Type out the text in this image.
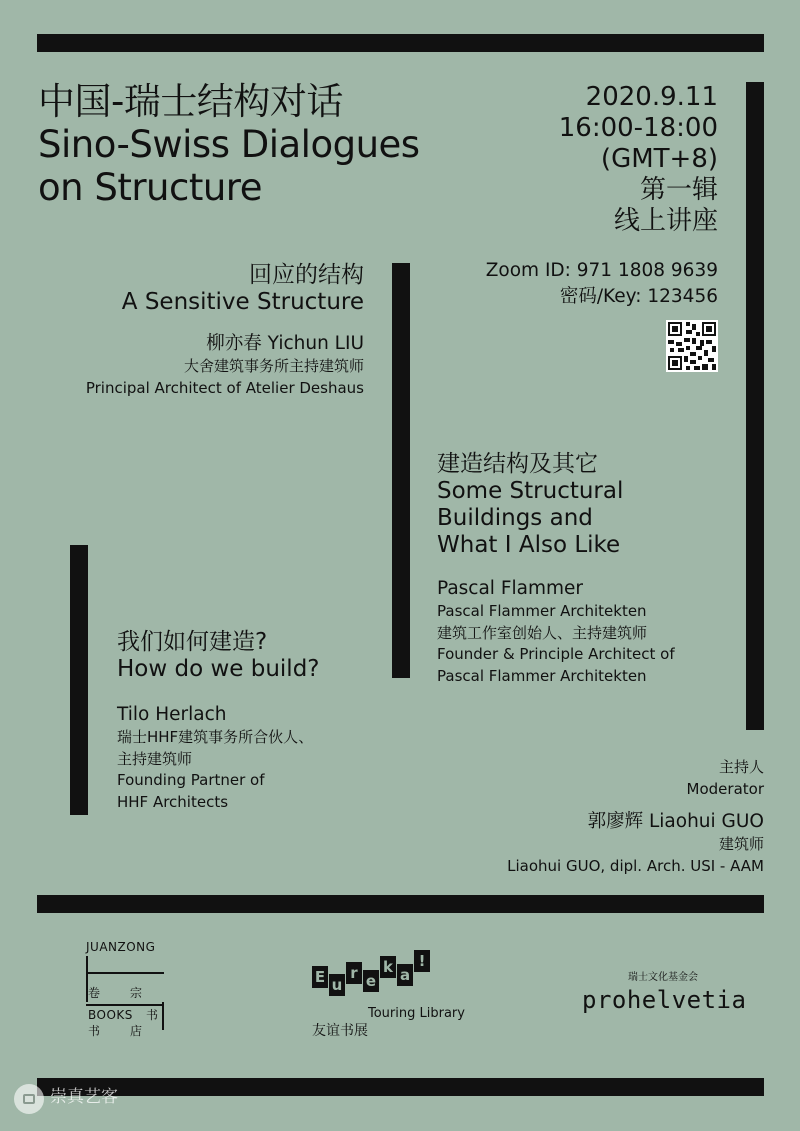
中国-瑞士结构对话
Sino-Swiss Dialogues
on Structure
2020.9.11
16:00-18:00
(GMT+8)
第一辑
线上讲座
Zoom ID: 971 1808 9639
密码/Key: 123456
回应的结构
A Sensitive Structure
柳亦春 Yichun LIU
大舍建筑事务所主持建筑师
Principal Architect of Atelier Deshaus
建造结构及其它
Some Structural
Buildings and
What I Also Like
Pascal Flammer
Pascal Flammer Architekten
建筑工作室创始人、主持建筑师
Founder & Principle Architect of
Pascal Flammer Architekten
我们如何建造?
How do we build?
Tilo Herlach
瑞士HHF建筑事务所合伙人、
主持建筑师
Founding Partner of
HHF Architects
主持人
Moderator
郭廖辉 Liaohui GUO
建筑师
Liaohui GUO, dipl. Arch. USI - AAM
JUANZONG
卷 宗
BOOKS 书
书 店
E u
r e
k a
!
Touring Library
友谊书展
瑞士文化基金会
prohelvetia
崇真艺客
